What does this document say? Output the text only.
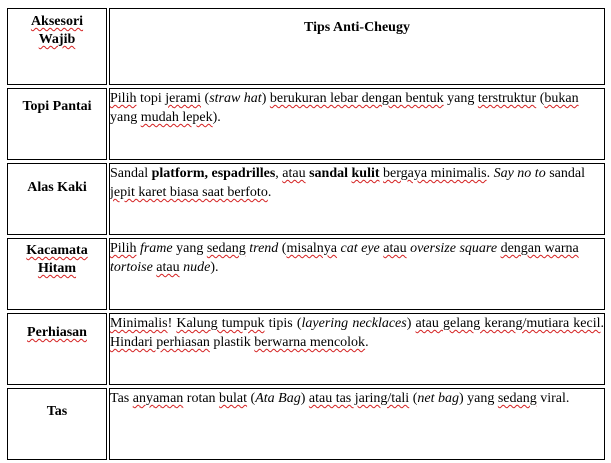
Aksesori
Wajib	Tips Anti-Cheugy

Topi Pantai	Pilih topi jerami (straw hat) berukuran lebar dengan bentuk yang terstruktur (bukan yang mudah lepek).

Alas Kaki	Sandal platform, espadrilles, atau sandal kulit bergaya minimalis. Say no to sandal jepit karet biasa saat berfoto.

Kacamata
Hitam	Pilih frame yang sedang trend (misalnya cat eye atau oversize square dengan warna tortoise atau nude).

Perhiasan	Minimalis! Kalung tumpuk tipis (layering necklaces) atau gelang kerang/mutiara kecil. Hindari perhiasan plastik berwarna mencolok.

Tas	Tas anyaman rotan bulat (Ata Bag) atau tas jaring/tali (net bag) yang sedang viral.
